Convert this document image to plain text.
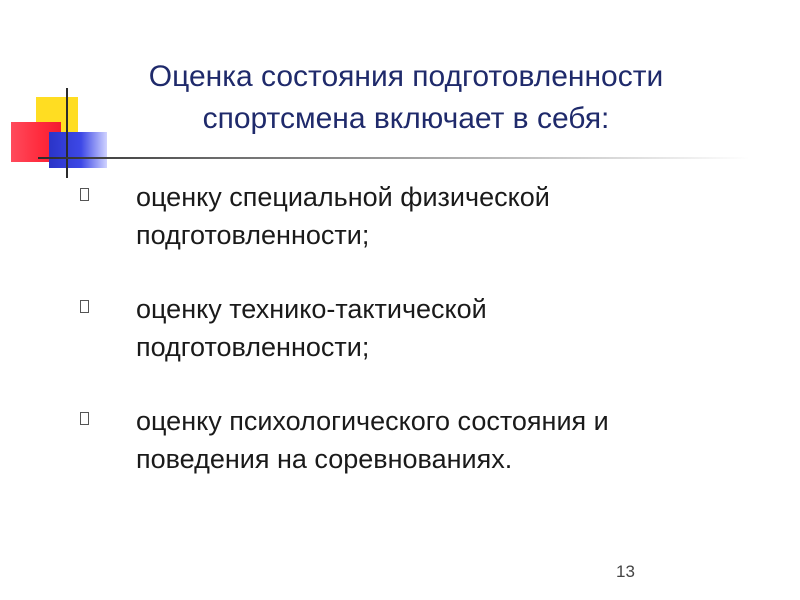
Оценка состояния подготовленности
спортсмена включает в себя:
оценку специальной физической
подготовленности;
оценку технико-тактической
подготовленности;
оценку психологического состояния и
поведения на соревнованиях.
13
